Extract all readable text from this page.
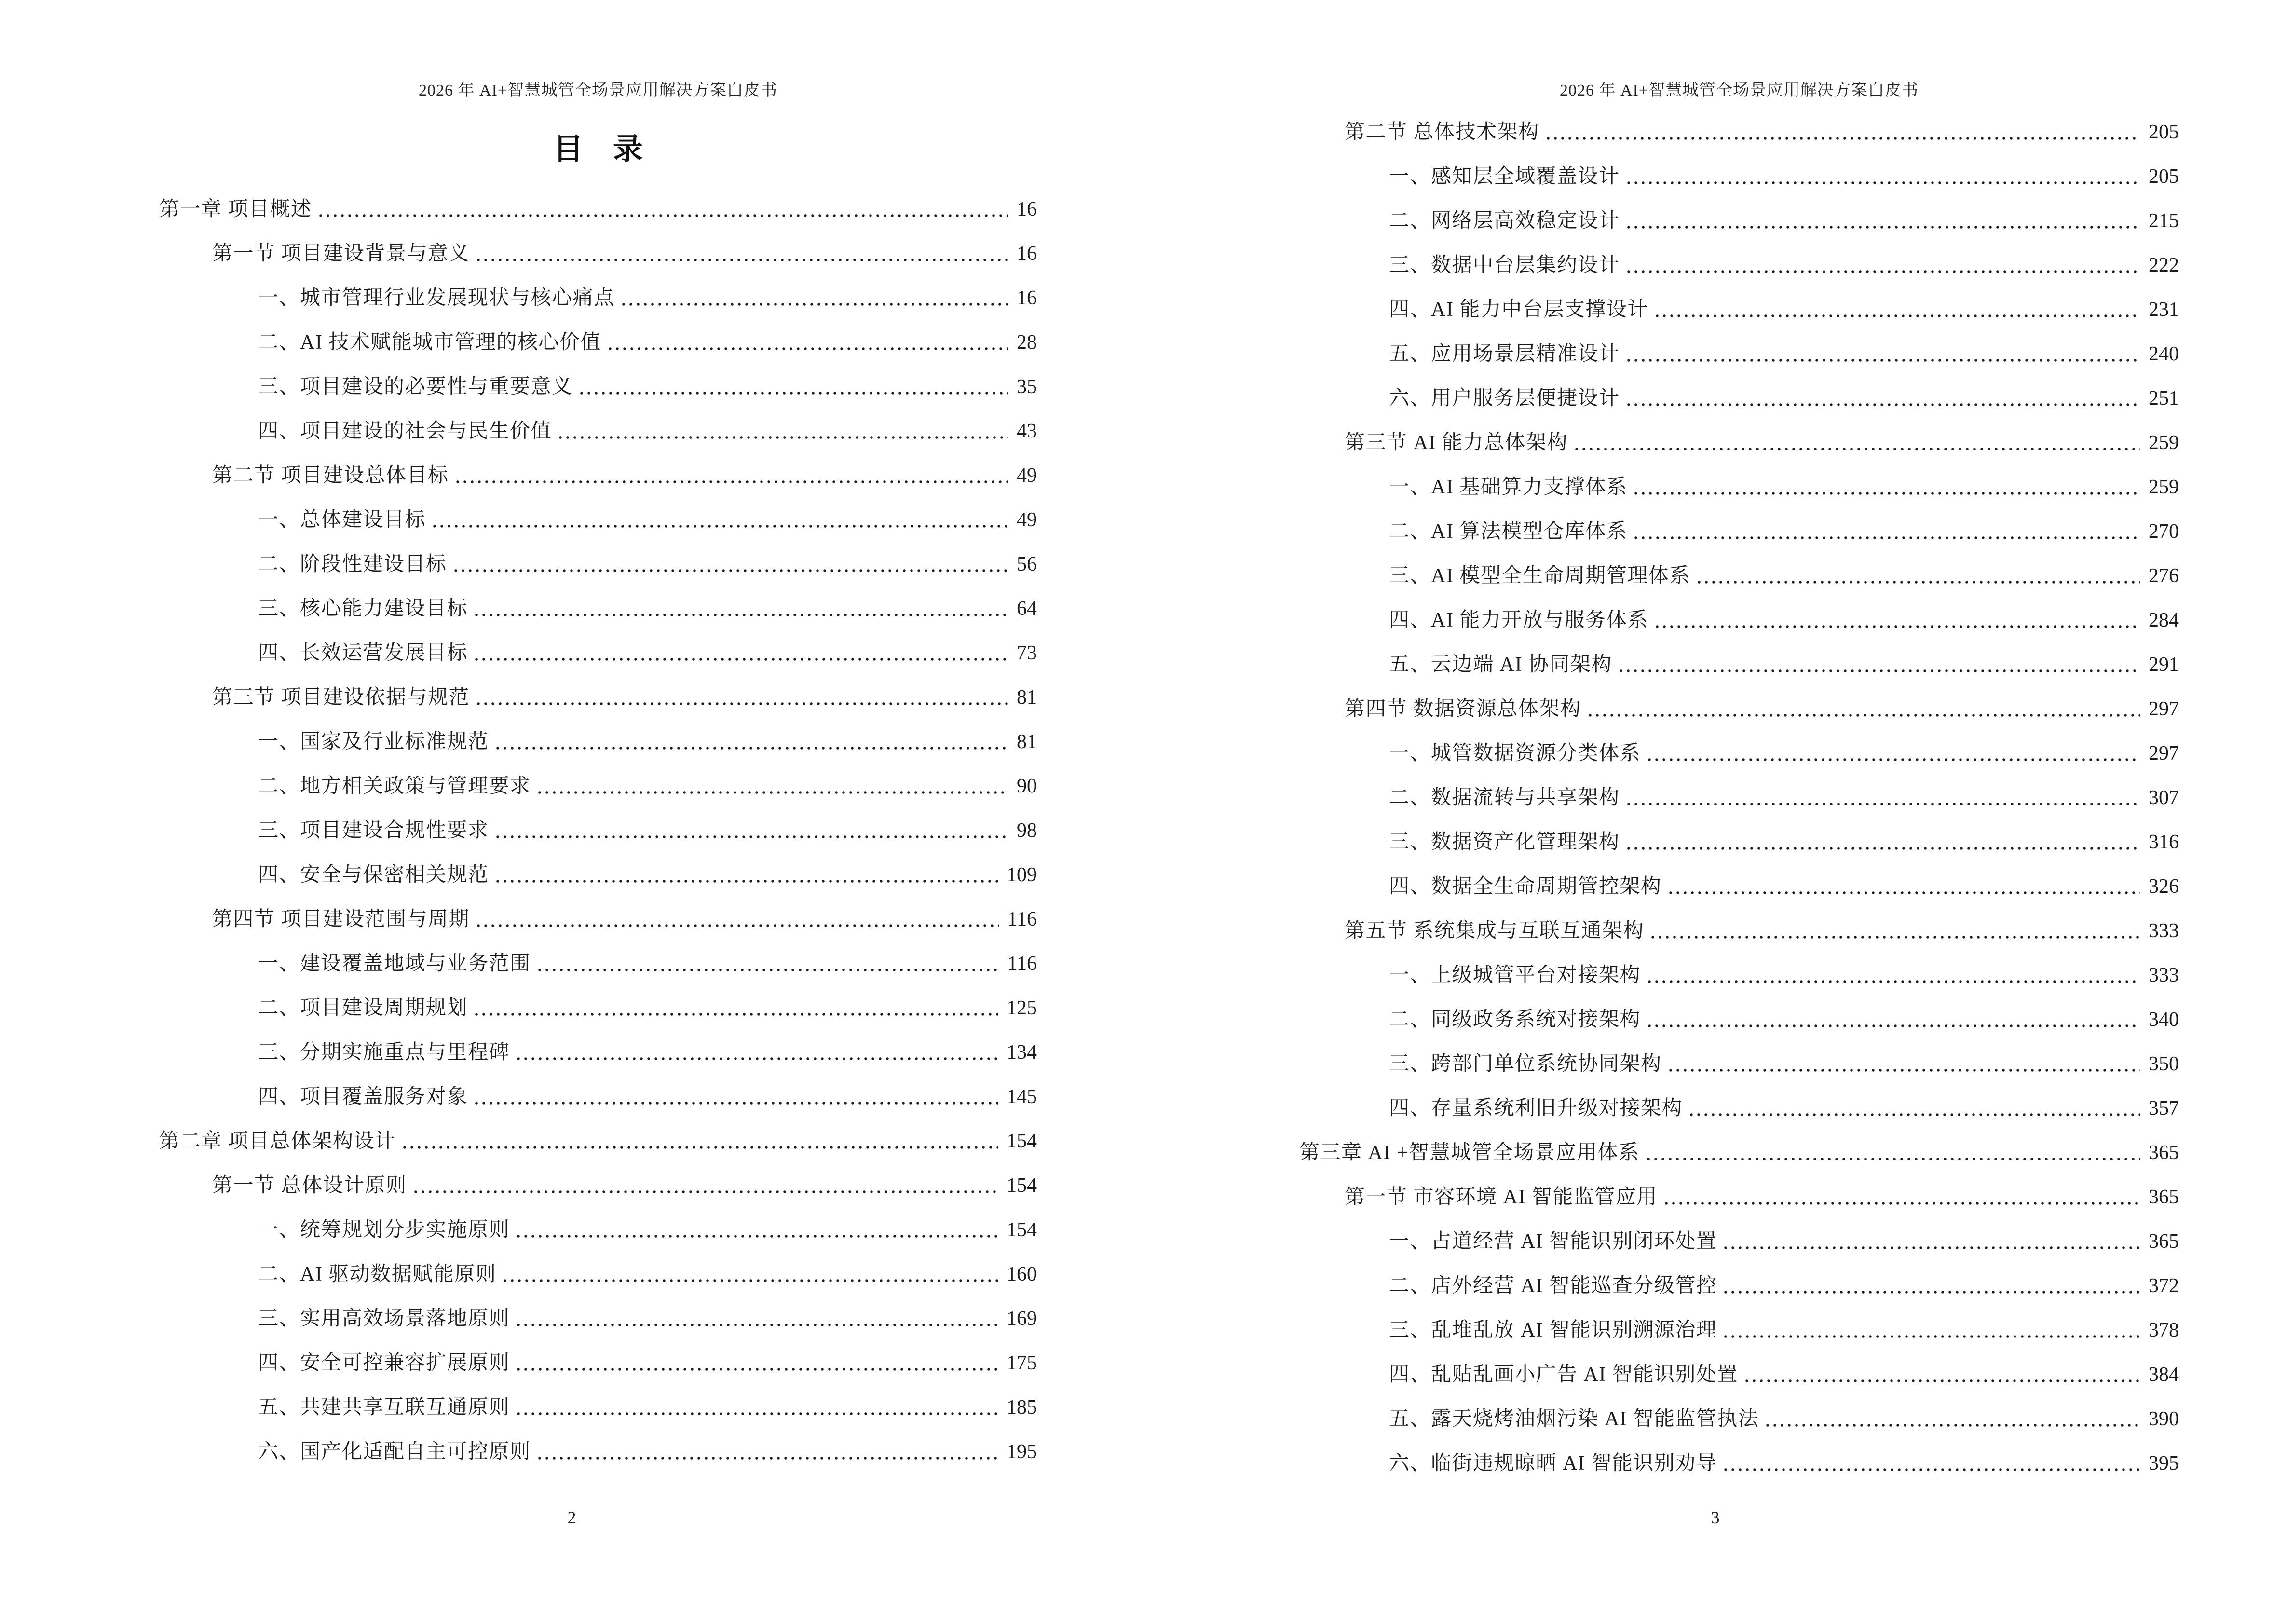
2026 年 AI+智慧城管全场景应用解决方案白皮书
目 录
第一章 项目概述	16
第一节 项目建设背景与意义	16
一、城市管理行业发展现状与核心痛点	16
二、AI 技术赋能城市管理的核心价值	28
三、项目建设的必要性与重要意义	35
四、项目建设的社会与民生价值	43
第二节 项目建设总体目标	49
一、总体建设目标	49
二、阶段性建设目标	56
三、核心能力建设目标	64
四、长效运营发展目标	73
第三节 项目建设依据与规范	81
一、国家及行业标准规范	81
二、地方相关政策与管理要求	90
三、项目建设合规性要求	98
四、安全与保密相关规范	109
第四节 项目建设范围与周期	116
一、建设覆盖地域与业务范围	116
二、项目建设周期规划	125
三、分期实施重点与里程碑	134
四、项目覆盖服务对象	145
第二章 项目总体架构设计	154
第一节 总体设计原则	154
一、统筹规划分步实施原则	154
二、AI 驱动数据赋能原则	160
三、实用高效场景落地原则	169
四、安全可控兼容扩展原则	175
五、共建共享互联互通原则	185
六、国产化适配自主可控原则	195
2
2026 年 AI+智慧城管全场景应用解决方案白皮书
第二节 总体技术架构	205
一、感知层全域覆盖设计	205
二、网络层高效稳定设计	215
三、数据中台层集约设计	222
四、AI 能力中台层支撑设计	231
五、应用场景层精准设计	240
六、用户服务层便捷设计	251
第三节 AI 能力总体架构	259
一、AI 基础算力支撑体系	259
二、AI 算法模型仓库体系	270
三、AI 模型全生命周期管理体系	276
四、AI 能力开放与服务体系	284
五、云边端 AI 协同架构	291
第四节 数据资源总体架构	297
一、城管数据资源分类体系	297
二、数据流转与共享架构	307
三、数据资产化管理架构	316
四、数据全生命周期管控架构	326
第五节 系统集成与互联互通架构	333
一、上级城管平台对接架构	333
二、同级政务系统对接架构	340
三、跨部门单位系统协同架构	350
四、存量系统利旧升级对接架构	357
第三章 AI +智慧城管全场景应用体系	365
第一节 市容环境 AI 智能监管应用	365
一、占道经营 AI 智能识别闭环处置	365
二、店外经营 AI 智能巡查分级管控	372
三、乱堆乱放 AI 智能识别溯源治理	378
四、乱贴乱画小广告 AI 智能识别处置	384
五、露天烧烤油烟污染 AI 智能监管执法	390
六、临街违规晾晒 AI 智能识别劝导	395
3
